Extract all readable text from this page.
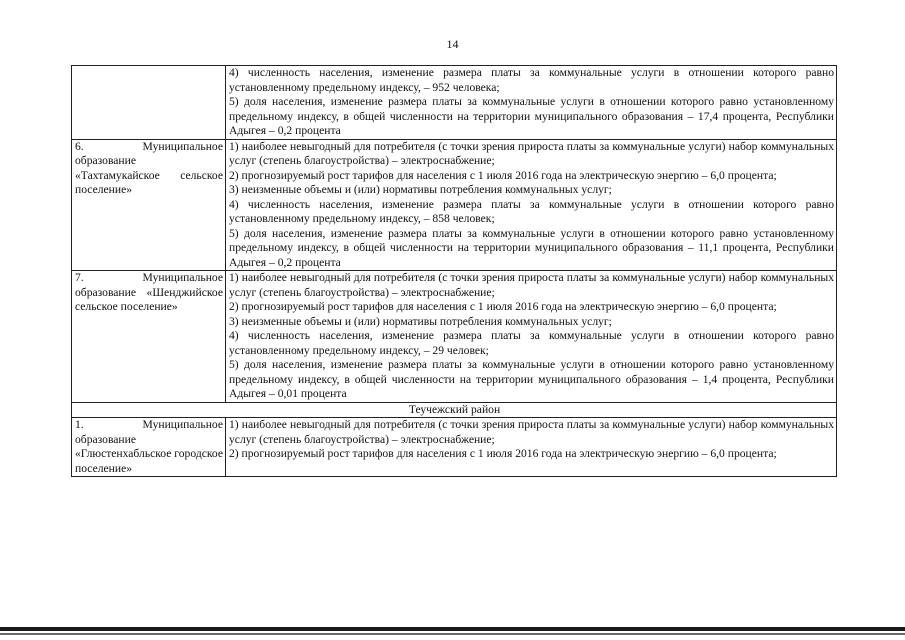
14

	4) численность населения, изменение размера платы за коммунальные услуги в отношении которого равно установленному предельному индексу, – 952 человека;
5) доля населения, изменение размера платы за коммунальные услуги в отношении которого равно установленному предельному индексу, в общей численности на территории муниципального образования – 17,4 процента, Республики Адыгея – 0,2 процента

6. Муниципальное образование «Тахтамукайское сельское поселение»	1) наиболее невыгодный для потребителя (с точки зрения прироста платы за коммунальные услуги) набор коммунальных услуг (степень благоустройства) – электроснабжение;
2) прогнозируемый рост тарифов для населения с 1 июля 2016 года на электрическую энергию – 6,0 процента;
3) неизменные объемы и (или) нормативы потребления коммунальных услуг;
4) численность населения, изменение размера платы за коммунальные услуги в отношении которого равно установленному предельному индексу, – 858 человек;
5) доля населения, изменение размера платы за коммунальные услуги в отношении которого равно установленному предельному индексу, в общей численности на территории муниципального образования – 11,1 процента, Республики Адыгея – 0,2 процента

7. Муниципальное образование «Шенджийское сельское поселение»	1) наиболее невыгодный для потребителя (с точки зрения прироста платы за коммунальные услуги) набор коммунальных услуг (степень благоустройства) – электроснабжение;
2) прогнозируемый рост тарифов для населения с 1 июля 2016 года на электрическую энергию – 6,0 процента;
3) неизменные объемы и (или) нормативы потребления коммунальных услуг;
4) численность населения, изменение размера платы за коммунальные услуги в отношении которого равно установленному предельному индексу, – 29 человек;
5) доля населения, изменение размера платы за коммунальные услуги в отношении которого равно установленному предельному индексу, в общей численности на территории муниципального образования – 1,4 процента, Республики Адыгея – 0,01 процента

Теучежский район	
1. Муниципальное образование «Глюстенхабльское городское поселение»	1) наиболее невыгодный для потребителя (с точки зрения прироста платы за коммунальные услуги) набор коммунальных услуг (степень благоустройства) – электроснабжение;
2) прогнозируемый рост тарифов для населения с 1 июля 2016 года на электрическую энергию – 6,0 процента;
